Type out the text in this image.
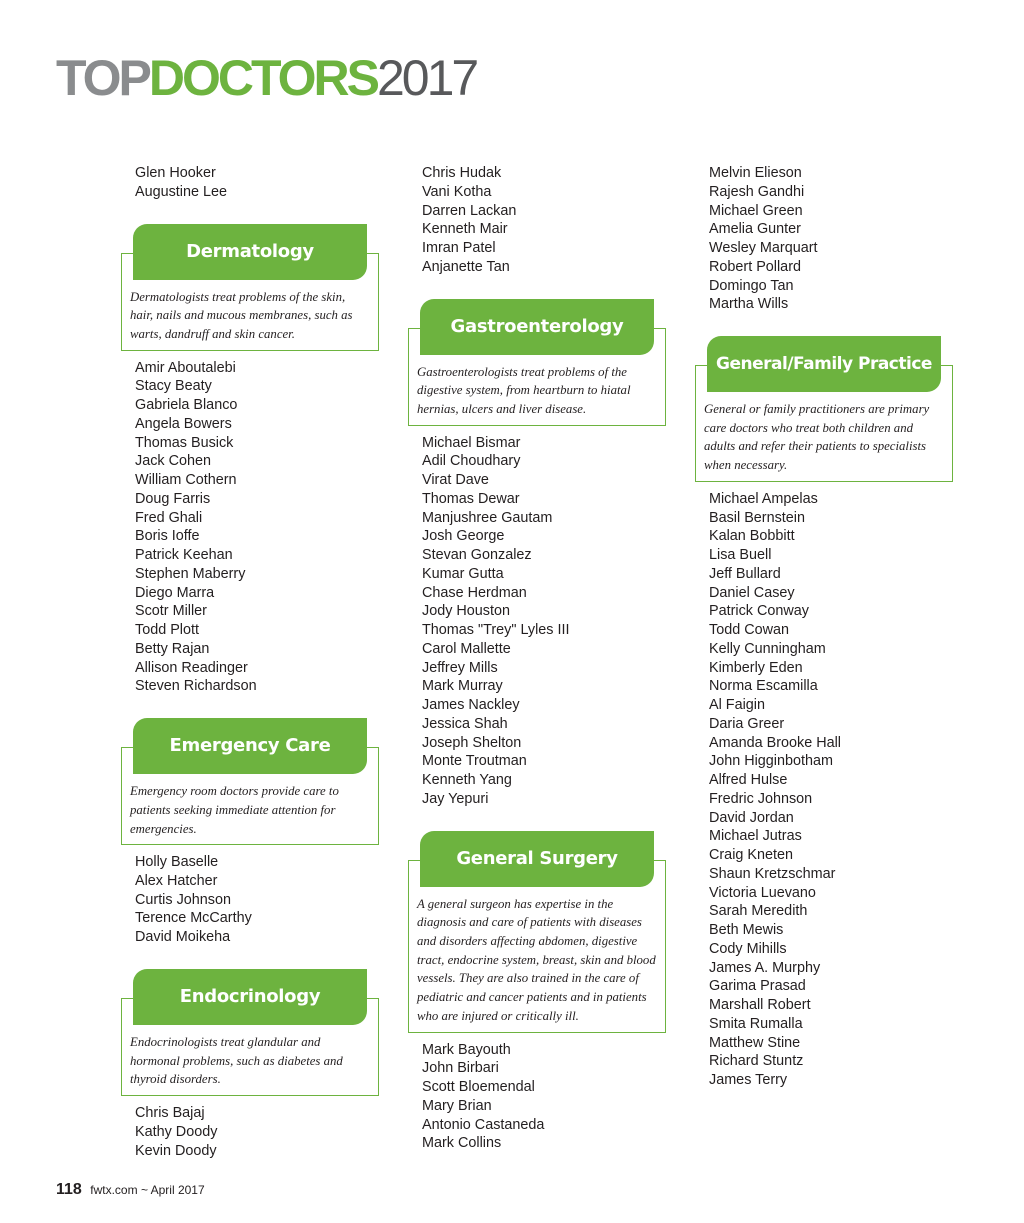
TOPDOCTORS2017
Glen Hooker
Augustine Lee
Dermatology

Dermatologists treat problems of the skin, hair, nails and mucous membranes, such as warts, dandruff and skin cancer.

Amir Aboutalebi
Stacy Beaty
Gabriela Blanco
Angela Bowers
Thomas Busick
Jack Cohen
William Cothern
Doug Farris
Fred Ghali
Boris Ioffe
Patrick Keehan
Stephen Maberry
Diego Marra
Scotr Miller
Todd Plott
Betty Rajan
Allison Readinger
Steven Richardson
Emergency Care

Emergency room doctors provide care to patients seeking immediate attention for emergencies.

Holly Baselle
Alex Hatcher
Curtis Johnson
Terence McCarthy
David Moikeha
Endocrinology

Endocrinologists treat glandular and hormonal problems, such as diabetes and thyroid disorders.

Chris Bajaj
Kathy Doody
Kevin Doody
Chris Hudak
Vani Kotha
Darren Lackan
Kenneth Mair
Imran Patel
Anjanette Tan
Gastroenterology

Gastroenterologists treat problems of the digestive system, from heartburn to hiatal hernias, ulcers and liver disease.

Michael Bismar
Adil Choudhary
Virat Dave
Thomas Dewar
Manjushree Gautam
Josh George
Stevan Gonzalez
Kumar Gutta
Chase Herdman
Jody Houston
Thomas "Trey" Lyles III
Carol Mallette
Jeffrey Mills
Mark Murray
James Nackley
Jessica Shah
Joseph Shelton
Monte Troutman
Kenneth Yang
Jay Yepuri
General Surgery

A general surgeon has expertise in the diagnosis and care of patients with diseases and disorders affecting abdomen, digestive tract, endocrine system, breast, skin and blood vessels. They are also trained in the care of pediatric and cancer patients and in patients who are injured or critically ill.

Mark Bayouth
John Birbari
Scott Bloemendal
Mary Brian
Antonio Castaneda
Mark Collins
Melvin Elieson
Rajesh Gandhi
Michael Green
Amelia Gunter
Wesley Marquart
Robert Pollard
Domingo Tan
Martha Wills
General/Family Practice

General or family practitioners are primary care doctors who treat both children and adults and refer their patients to specialists when necessary.

Michael Ampelas
Basil Bernstein
Kalan Bobbitt
Lisa Buell
Jeff Bullard
Daniel Casey
Patrick Conway
Todd Cowan
Kelly Cunningham
Kimberly Eden
Norma Escamilla
Al Faigin
Daria Greer
Amanda Brooke Hall
John Higginbotham
Alfred Hulse
Fredric Johnson
David Jordan
Michael Jutras
Craig Kneten
Shaun Kretzschmar
Victoria Luevano
Sarah Meredith
Beth Mewis
Cody Mihills
James A. Murphy
Garima Prasad
Marshall Robert
Smita Rumalla
Matthew Stine
Richard Stuntz
James Terry
118 fwtx.com ~ April 2017
